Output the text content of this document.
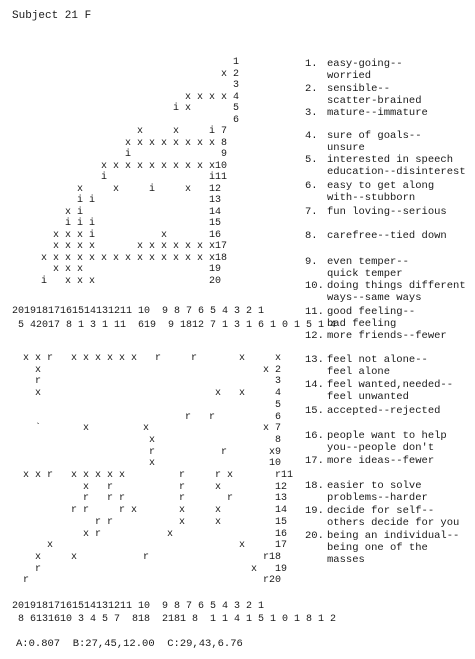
Subject 21 F
1
x 2
3
x x x x 4
i x       5
6
x     x     i 7
x x x x x x x x 8
i               9
x x x x x x x x x x10
i                 i11
x     x     i     x   12
i i                   13
x i                     14
i i i                   15
x x x i           x       16
x x x x       x x x x x x x17
x x x x x x x x x x x x x x x18
x x x                     19
i   x x x                   20
20191817161514131211 10  9 8 7 6 5 4 3 2 1
5 42017 8 1 3 1 11  619  9 1812 7 1 3 1 6 1 0 1 5 1 4
1. easy-going--
worried
2. sensible--
scatter-brained
3. mature--immature
4. sure of goals--
unsure
5. interested in speech
education--disinterest
6. easy to get along
with--stubborn
7. fun loving--serious
8. carefree--tied down
9. even temper--
quick temper
10. doing things different
ways--same ways
11. good feeling--
bad feeling
12. more friends--fewer
13. feel not alone--
feel alone
14. feel wanted,needed--
feel unwanted
15. accepted--rejected
16. people want to help
you--people don't
17. more ideas--fewer
18. easier to solve
problems--harder
19. decide for self--
others decide for you
20. being an individual--
being one of the
masses
x x r   x x x x x x   r     r       x     x
x                                     x 2
r                                       3
x                             x   x     4
5
r   r          6
`       x         x                   x 7
x                    8
r           r       x9
x                   10
x x r   x x x x x         r     r x       r11
x   r           r     x         12
r   r r         r       r       13
r r     r x       x     x         14
r r           x     x         15
x r           x                 16
x                               x     17
x     x           r                   r18
r                                   x   19
r                                       r20
20191817161514131211 10  9 8 7 6 5 4 3 2 1
8 6131610 3 4 5 7  818  2181 8  1 1 4 1 5 1 0 1 8 1 2
A:0.807  B:27,45,12.00  C:29,43,6.76
